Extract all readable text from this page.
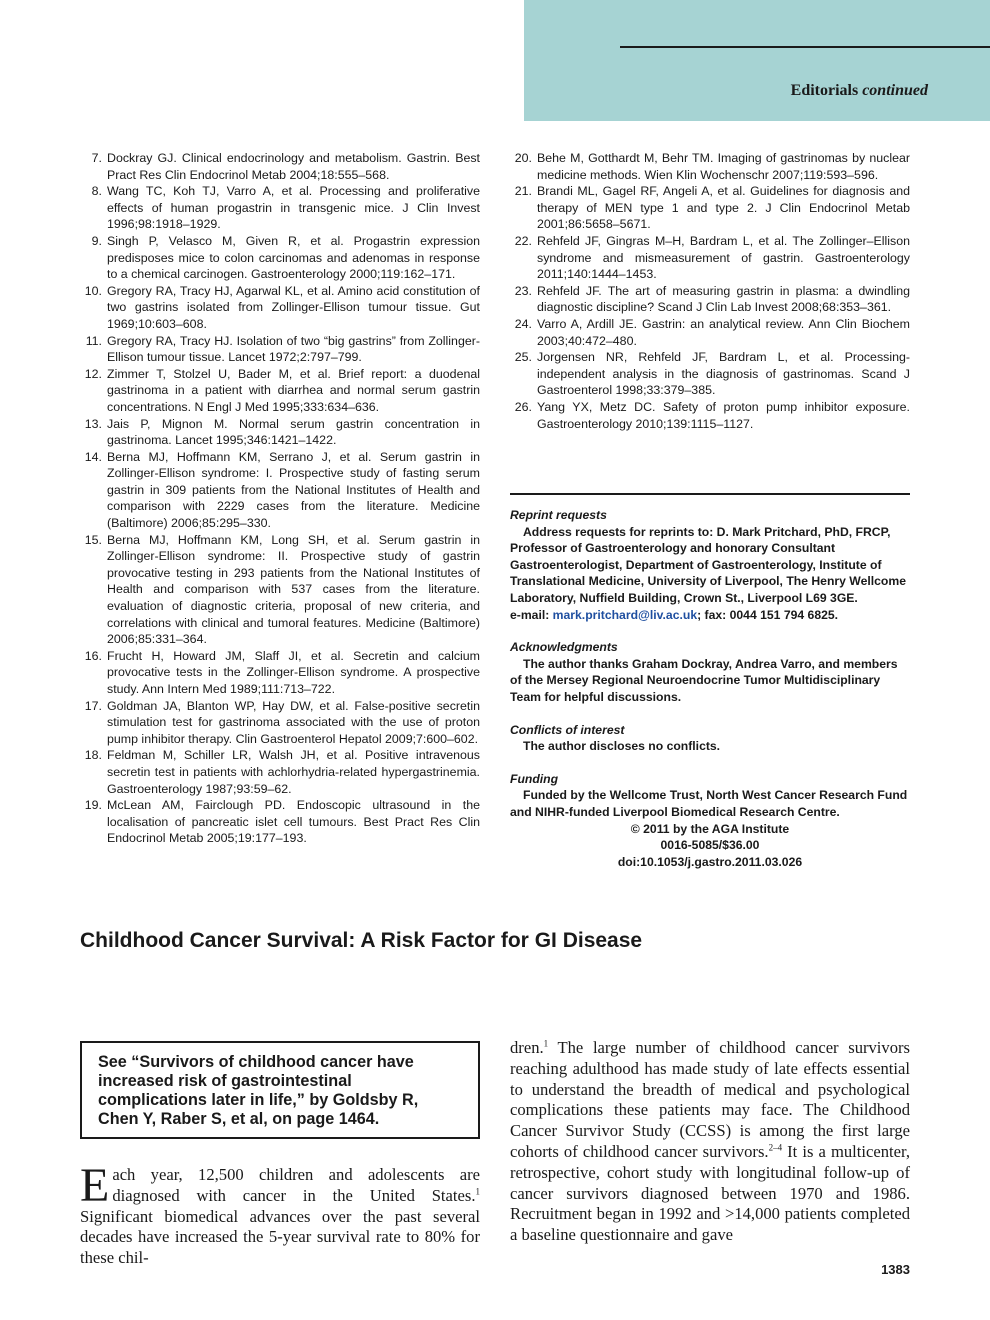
Editorials continued
7. Dockray GJ. Clinical endocrinology and metabolism. Gastrin. Best Pract Res Clin Endocrinol Metab 2004;18:555–568.
8. Wang TC, Koh TJ, Varro A, et al. Processing and proliferative effects of human progastrin in transgenic mice. J Clin Invest 1996;98:1918–1929.
9. Singh P, Velasco M, Given R, et al. Progastrin expression predisposes mice to colon carcinomas and adenomas in response to a chemical carcinogen. Gastroenterology 2000;119:162–171.
10. Gregory RA, Tracy HJ, Agarwal KL, et al. Amino acid constitution of two gastrins isolated from Zollinger-Ellison tumour tissue. Gut 1969;10:603–608.
11. Gregory RA, Tracy HJ. Isolation of two “big gastrins” from Zollinger-Ellison tumour tissue. Lancet 1972;2:797–799.
12. Zimmer T, Stolzel U, Bader M, et al. Brief report: a duodenal gastrinoma in a patient with diarrhea and normal serum gastrin concentrations. N Engl J Med 1995;333:634–636.
13. Jais P, Mignon M. Normal serum gastrin concentration in gastrinoma. Lancet 1995;346:1421–1422.
14. Berna MJ, Hoffmann KM, Serrano J, et al. Serum gastrin in Zollinger-Ellison syndrome: I. Prospective study of fasting serum gastrin in 309 patients from the National Institutes of Health and comparison with 2229 cases from the literature. Medicine (Baltimore) 2006;85:295–330.
15. Berna MJ, Hoffmann KM, Long SH, et al. Serum gastrin in Zollinger-Ellison syndrome: II. Prospective study of gastrin provocative testing in 293 patients from the National Institutes of Health and comparison with 537 cases from the literature. evaluation of diagnostic criteria, proposal of new criteria, and correlations with clinical and tumoral features. Medicine (Baltimore) 2006;85:331–364.
16. Frucht H, Howard JM, Slaff JI, et al. Secretin and calcium provocative tests in the Zollinger-Ellison syndrome. A prospective study. Ann Intern Med 1989;111:713–722.
17. Goldman JA, Blanton WP, Hay DW, et al. False-positive secretin stimulation test for gastrinoma associated with the use of proton pump inhibitor therapy. Clin Gastroenterol Hepatol 2009;7:600–602.
18. Feldman M, Schiller LR, Walsh JH, et al. Positive intravenous secretin test in patients with achlorhydria-related hypergastrinemia. Gastroenterology 1987;93:59–62.
19. McLean AM, Fairclough PD. Endoscopic ultrasound in the localisation of pancreatic islet cell tumours. Best Pract Res Clin Endocrinol Metab 2005;19:177–193.
20. Behe M, Gotthardt M, Behr TM. Imaging of gastrinomas by nuclear medicine methods. Wien Klin Wochenschr 2007;119:593–596.
21. Brandi ML, Gagel RF, Angeli A, et al. Guidelines for diagnosis and therapy of MEN type 1 and type 2. J Clin Endocrinol Metab 2001;86:5658–5671.
22. Rehfeld JF, Gingras M–H, Bardram L, et al. The Zollinger–Ellison syndrome and mismeasurement of gastrin. Gastroenterology 2011;140:1444–1453.
23. Rehfeld JF. The art of measuring gastrin in plasma: a dwindling diagnostic discipline? Scand J Clin Lab Invest 2008;68:353–361.
24. Varro A, Ardill JE. Gastrin: an analytical review. Ann Clin Biochem 2003;40:472–480.
25. Jorgensen NR, Rehfeld JF, Bardram L, et al. Processing-independent analysis in the diagnosis of gastrinomas. Scand J Gastroenterol 1998;33:379–385.
26. Yang YX, Metz DC. Safety of proton pump inhibitor exposure. Gastroenterology 2010;139:1115–1127.
Reprint requests
Address requests for reprints to: D. Mark Pritchard, PhD, FRCP, Professor of Gastroenterology and honorary Consultant Gastroenterologist, Department of Gastroenterology, Institute of Translational Medicine, University of Liverpool, The Henry Wellcome Laboratory, Nuffield Building, Crown St., Liverpool L69 3GE.
e-mail: mark.pritchard@liv.ac.uk; fax: 0044 151 794 6825.
Acknowledgments
The author thanks Graham Dockray, Andrea Varro, and members of the Mersey Regional Neuroendocrine Tumor Multidisciplinary Team for helpful discussions.
Conflicts of interest
The author discloses no conflicts.
Funding
Funded by the Wellcome Trust, North West Cancer Research Fund and NIHR-funded Liverpool Biomedical Research Centre.
© 2011 by the AGA Institute
0016-5085/$36.00
doi:10.1053/j.gastro.2011.03.026
Childhood Cancer Survival: A Risk Factor for GI Disease
See “Survivors of childhood cancer have increased risk of gastrointestinal complications later in life,” by Goldsby R, Chen Y, Raber S, et al, on page 1464.
Each year, 12,500 children and adolescents are diagnosed with cancer in the United States.$^1$ Significant biomedical advances over the past several decades have increased the 5-year survival rate to 80% for these chil-
dren.$^1$ The large number of childhood cancer survivors reaching adulthood has made study of late effects essential to understand the breadth of medical and psychological complications these patients may face. The Childhood Cancer Survivor Study (CCSS) is among the first large cohorts of childhood cancer survivors.$^{2-4}$ It is a multicenter, retrospective, cohort study with longitudinal follow-up of cancer survivors diagnosed between 1970 and 1986. Recruitment began in 1992 and >14,000 patients completed a baseline questionnaire and gave
1383
